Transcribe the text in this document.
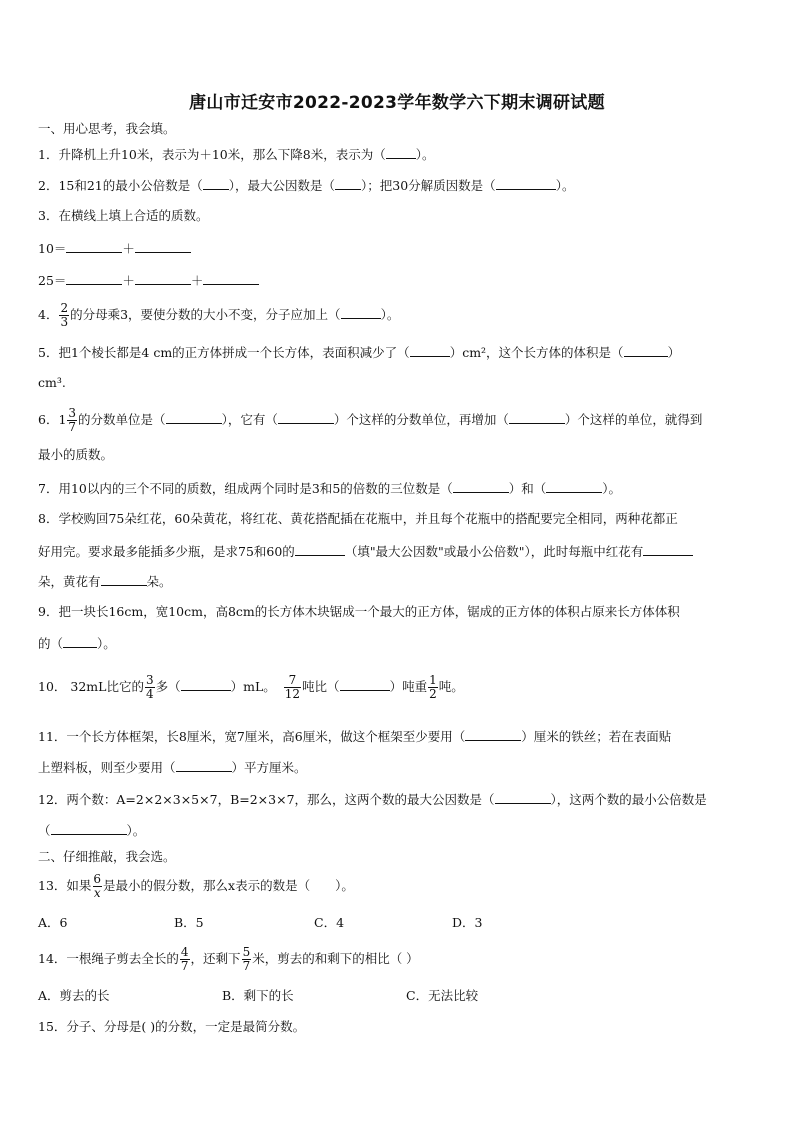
唐山市迁安市2022-2023学年数学六下期末调研试题
一、用心思考，我会填。
1．升降机上升10米，表示为＋10米，那么下降8米，表示为（ ）。
2．15和21的最小公倍数是（ ），最大公因数是（ ）；把30分解质因数是（	）。
3．在横线上填上合适的质数。
10＝	＋
25＝	＋	＋
4． $\frac{2}{3}$ 的分母乘3，要使分数的大小不变，分子应加上（	）。
5．把1个棱长都是4 cm的正方体拼成一个长方体，表面积减少了（	）cm²，这个长方体的体积是（	）
cm³.
6．$1 \frac{3}{7}$ 的分数单位是（	），它有（	）个这样的分数单位，再增加（	）个这样的单位，就得到
最小的质数。
7．用10以内的三个不同的质数，组成两个同时是3和5的倍数的三位数是（	）和（	）。
8．学校购回75朵红花，60朵黄花，将红花、黄花搭配插在花瓶中，并且每个花瓶中的搭配要完全相同，两种花都正
好用完。要求最多能插多少瓶，是求75和60的	（填"最大公因数"或最小公倍数"），此时每瓶中红花有
朵，黄花有	朵。
9．把一块长16cm，宽10cm，高8cm的长方体木块锯成一个最大的正方体，锯成的正方体的体积占原来长方体体积
的（	）。
10． 32mL比它的 $\frac{3}{4}$ 多（	）mL。 $\frac{7}{12}$ 吨比（	）吨重 $\frac{1}{2}$ 吨。
11．一个长方体框架，长8厘米，宽7厘米，高6厘米，做这个框架至少要用（	）厘米的铁丝；若在表面贴
上塑料板，则至少要用（	）平方厘米。
12．两个数：A=2×2×3×5×7，B=2×3×7，那么，这两个数的最大公因数是（	），这两个数的最小公倍数是
（	）。
二、仔细推敲，我会选。
13．如果 $\frac{6}{x}$ 是最小的假分数，那么x表示的数是（　　）。
A．6	B．5	C．4	D．3
14．一根绳子剪去全长的 $\frac{4}{7}$ ，还剩下 $\frac{5}{7}$ 米，剪去的和剩下的相比（ ）
A．剪去的长	B．剩下的长	C．无法比较
15．分子、分母是( )的分数，一定是最简分数。
